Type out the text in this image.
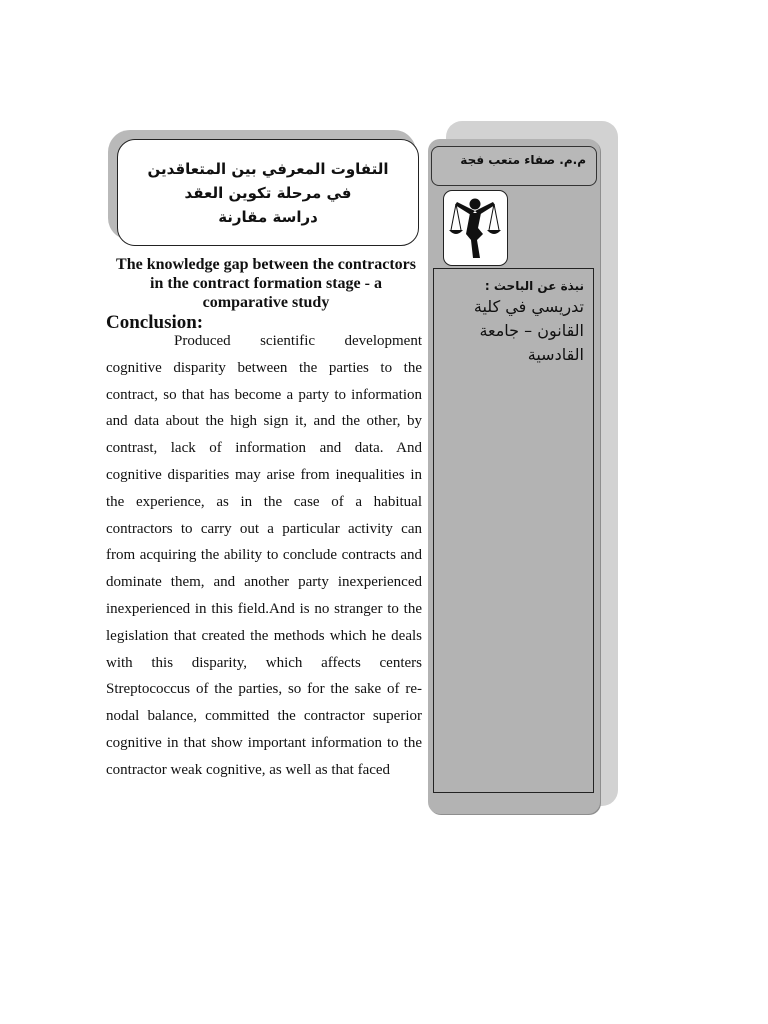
التفاوت المعرفي بين المتعاقدين
في مرحلة تكوين العقد
دراسة مقارنة
م.م. صفاء متعب فجة
نبذة عن الباحث :
تدريسي في كلية القانون – جامعة القادسية
The knowledge gap between the contractors in the contract formation stage - a comparative study
Conclusion:
Produced scientific development cognitive disparity between the parties to the contract, so that has become a party to information and data about the high sign it, and the other, by contrast, lack of information and data. And cognitive disparities may arise from inequalities in the experience, as in the case of a habitual contractors to carry out a particular activity can from acquiring the ability to conclude contracts and dominate them, and another party inexperienced inexperienced in this field.And is no stranger to the legislation that created the methods which he deals with this disparity, which affects centers Streptococcus of the parties, so for the sake of re-nodal balance, committed the contractor superior cognitive in that show important information to the contractor weak cognitive, as well as that faced
